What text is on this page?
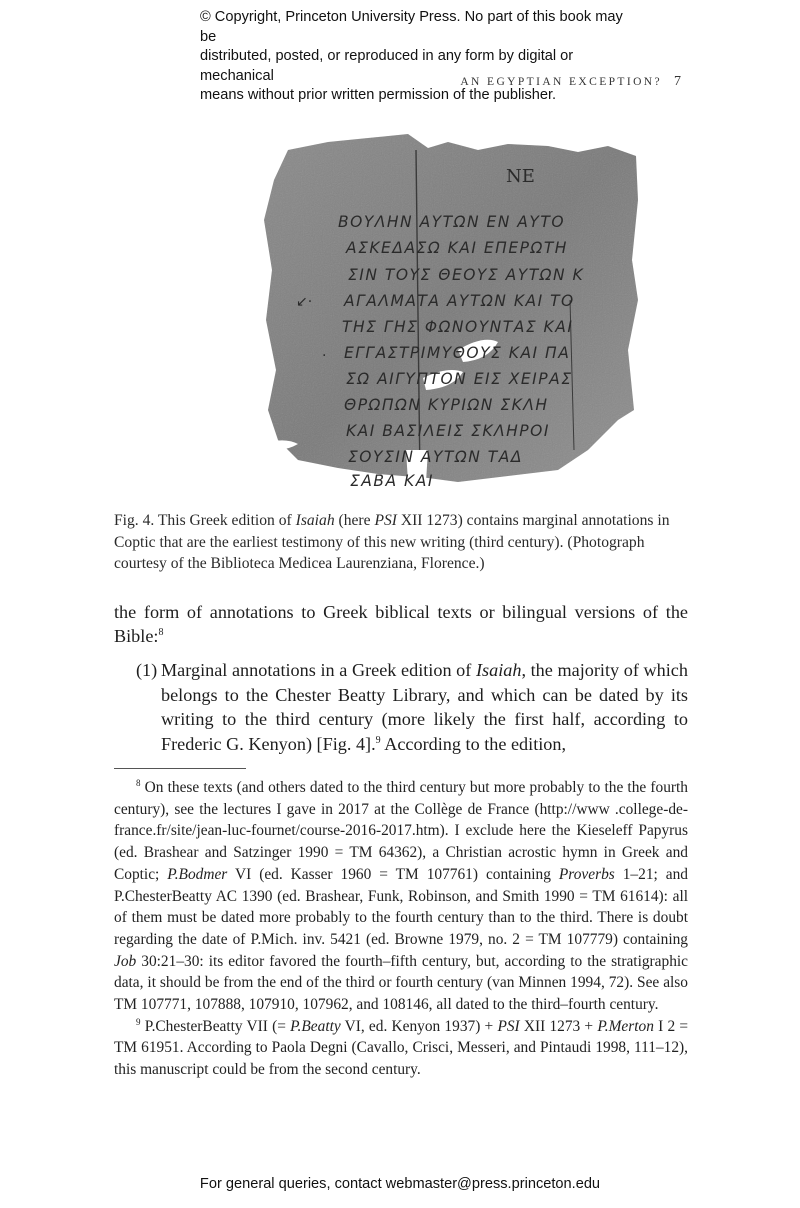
© Copyright, Princeton University Press. No part of this book may be
distributed, posted, or reproduced in any form by digital or mechanical
means without prior written permission of the publisher.
AN EGYPTIAN EXCEPTION? 7
ΝΕ
ΒΟΥΛΗΝ ΑΥΤΩΝ ΕΝ ΑΥΤΟ
ΑΣΚΕΔΑΣΩ ΚΑΙ ΕΠΕΡΩΤΗ
ΣΙΝ ΤΟΥΣ ΘΕΟΥΣ ΑΥΤΩΝ Κ
ΑΓΑΛΜΑΤΑ ΑΥΤΩΝ ΚΑΙ ΤΟ
ΤΗΣ ΓΗΣ ΦΩΝΟΥΝΤΑΣ ΚΑΙ
ΕΓΓΑΣΤΡΙΜΥΘΟΥΣ ΚΑΙ ΠΑ
ΣΩ ΑΙΓΥΠΤΟΝ ΕΙΣ ΧΕΙΡΑΣ
ΘΡΩΠΩΝ ΚΥΡΙΩΝ ΣΚΛΗ
ΚΑΙ ΒΑΣΙΛΕΙΣ ΣΚΛΗΡΟΙ
ΣΟΥΣΙΝ ΑΥΤΩΝ ΤΑΔ
ΣΑΒΑ ΚΑΙ
↙·
·
Fig. 4. This Greek edition of Isaiah (here PSI XII 1273) contains marginal annotations in Coptic that are the earliest testimony of this new writing (third century). (Photograph courtesy of the Biblioteca Medicea Laurenziana, Florence.)
the form of annotations to Greek biblical texts or bilingual versions of the Bible:$^8$
(1) Marginal annotations in a Greek edition of Isaiah, the majority of which belongs to the Chester Beatty Library, and which can be dated by its writing to the third century (more likely the first half, according to Frederic G. Kenyon) [Fig. 4].$^9$ According to the edition,

$^8$ On these texts (and others dated to the third century but more probably to the the fourth century), see the lectures I gave in 2017 at the Collège de France (http://www .college-de-france.fr/site/jean-luc-fournet/course-2016-2017.htm). I exclude here the Kieseleff Papyrus (ed. Brashear and Satzinger 1990 = TM 64362), a Christian acrostic hymn in Greek and Coptic; P.Bodmer VI (ed. Kasser 1960 = TM 107761) containing Proverbs 1–21; and P.ChesterBeatty AC 1390 (ed. Brashear, Funk, Robinson, and Smith 1990 = TM 61614): all of them must be dated more probably to the fourth century than to the third. There is doubt regarding the date of P.Mich. inv. 5421 (ed. Browne 1979, no. 2 = TM 107779) containing Job 30:21–30: its editor favored the fourth–fifth century, but, according to the stratigraphic data, it should be from the end of the third or fourth century (van Minnen 1994, 72). See also TM 107771, 107888, 107910, 107962, and 108146, all dated to the third–fourth century.

$^9$ P.ChesterBeatty VII (= P.Beatty VI, ed. Kenyon 1937) + PSI XII 1273 + P.Merton I 2 = TM 61951. According to Paola Degni (Cavallo, Crisci, Messeri, and Pintaudi 1998, 111–12), this manuscript could be from the second century.

For general queries, contact webmaster@press.princeton.edu
